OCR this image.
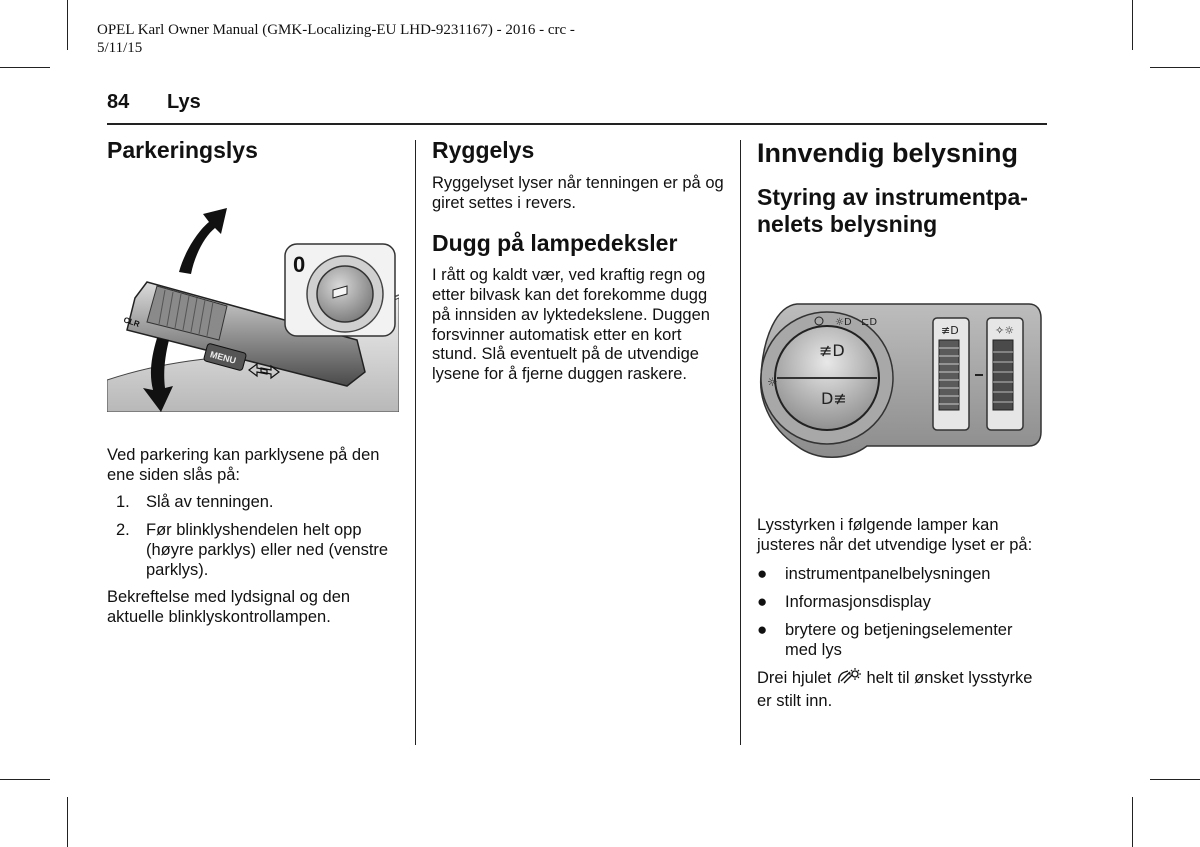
OPEL Karl Owner Manual (GMK-Localizing-EU LHD-9231167) - 2016 - crc -
5/11/15
84 Lys
Parkeringslys
CLR
MENU
0

Ved parkering kan parklysene på den ene siden slås på:

1. Slå av tenningen.
2. Før blinklyshendelen helt opp (høyre parklys) eller ned (venstre parklys).

Bekreftelse med lydsignal og den aktuelle blinklyskontrollampen.

Ryggelys

Ryggelyset lyser når tenningen er på og giret settes i revers.

Dugg på lampedeksler

I rått og kaldt vær, ved kraftig regn og etter bilvask kan det forekomme dugg på innsiden av lyktedekslene. Duggen forsvinner automatisk etter en kort stund. Slå eventuelt på de utvendige lysene for å fjerne duggen raskere.

Innvendig belysning
Styring av instrumentpa-nelets belysning
≢D
D≢
☼D ⊏D
☼
≢D	✧☼

Lysstyrken i følgende lamper kan justeres når det utvendige lyset er på:

● instrumentpanelbelysningen
● Informasjonsdisplay
● brytere og betjeningselementer med lys

Drei hjulet helt til ønsket lysstyrke er stilt inn.
